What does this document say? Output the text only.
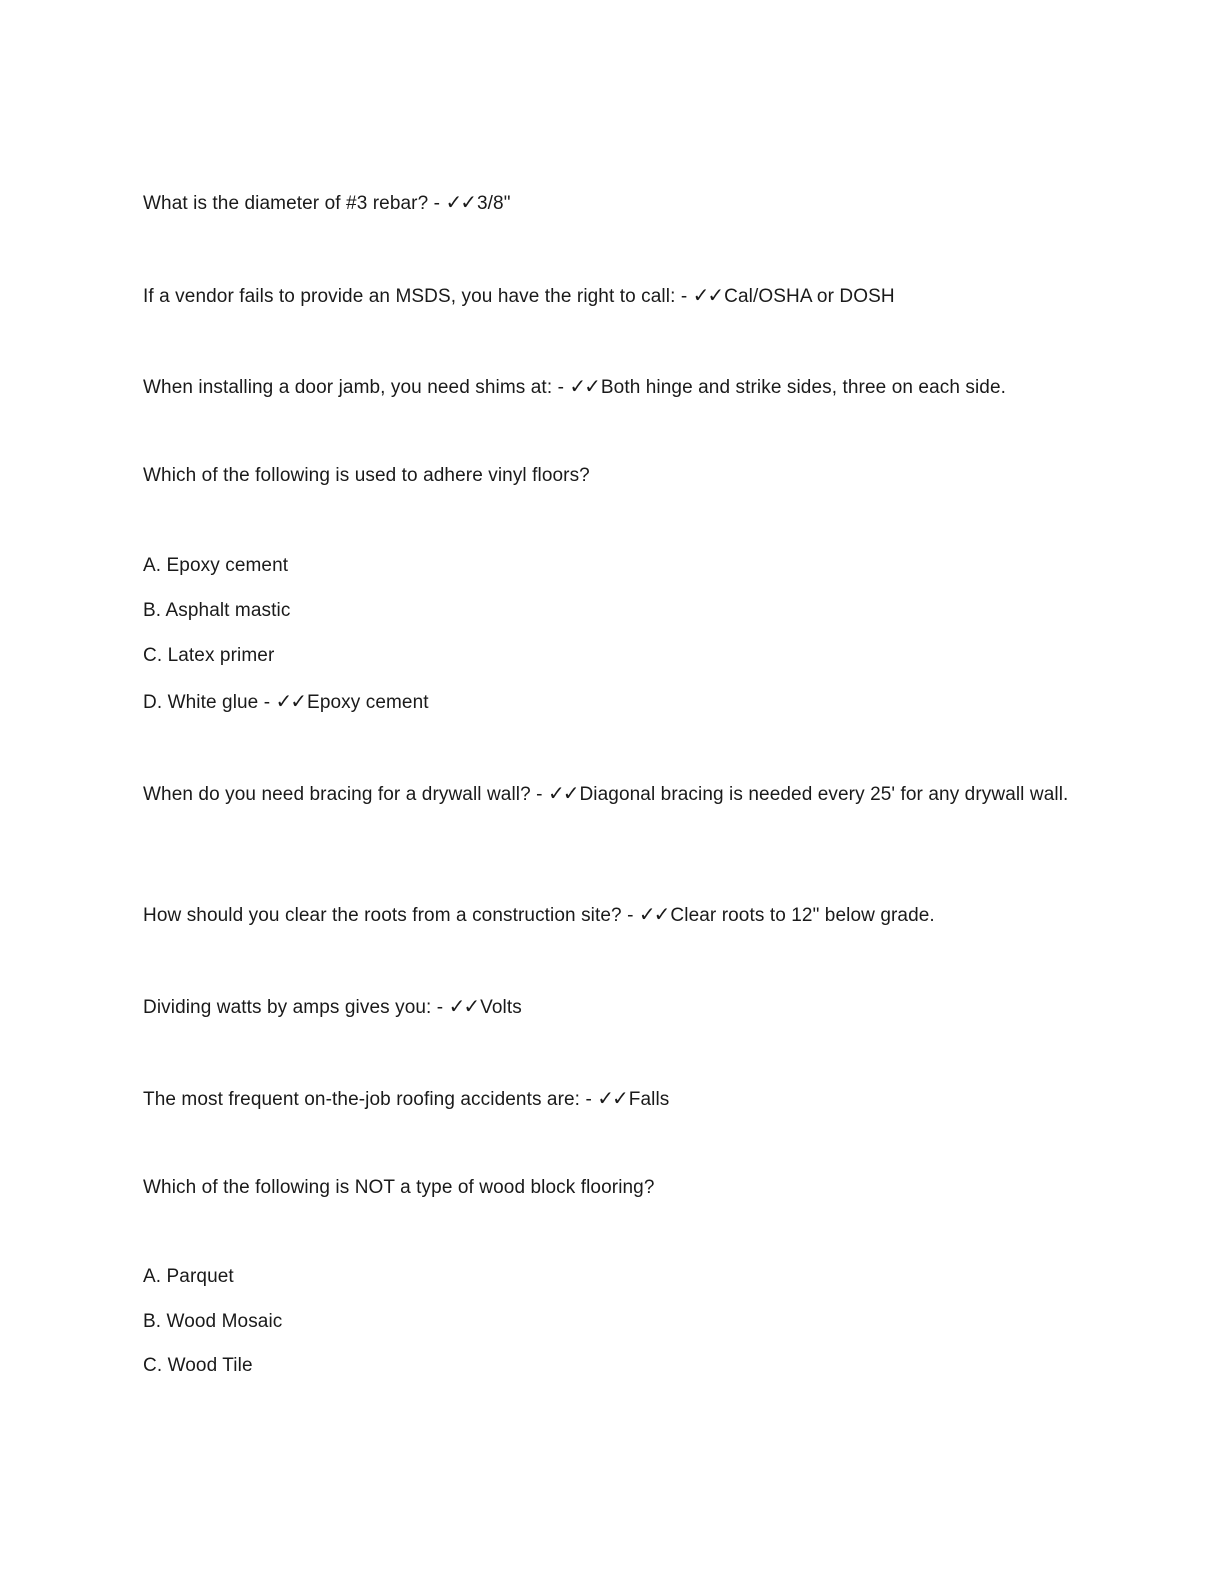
What is the diameter of #3 rebar? - ✓✓ 3/8"
If a vendor fails to provide an MSDS, you have the right to call: - ✓✓ Cal/OSHA or DOSH
When installing a door jamb, you need shims at: - ✓✓ Both hinge and strike sides, three on each side.
Which of the following is used to adhere vinyl floors?
A. Epoxy cement
B. Asphalt mastic
C. Latex primer
D. White glue - ✓✓ Epoxy cement
When do you need bracing for a drywall wall? - ✓✓ Diagonal bracing is needed every 25' for any drywall wall.
How should you clear the roots from a construction site? - ✓✓ Clear roots to 12" below grade.
Dividing watts by amps gives you: - ✓✓ Volts
The most frequent on-the-job roofing accidents are: - ✓✓ Falls
Which of the following is NOT a type of wood block flooring?
A. Parquet
B. Wood Mosaic
C. Wood Tile
